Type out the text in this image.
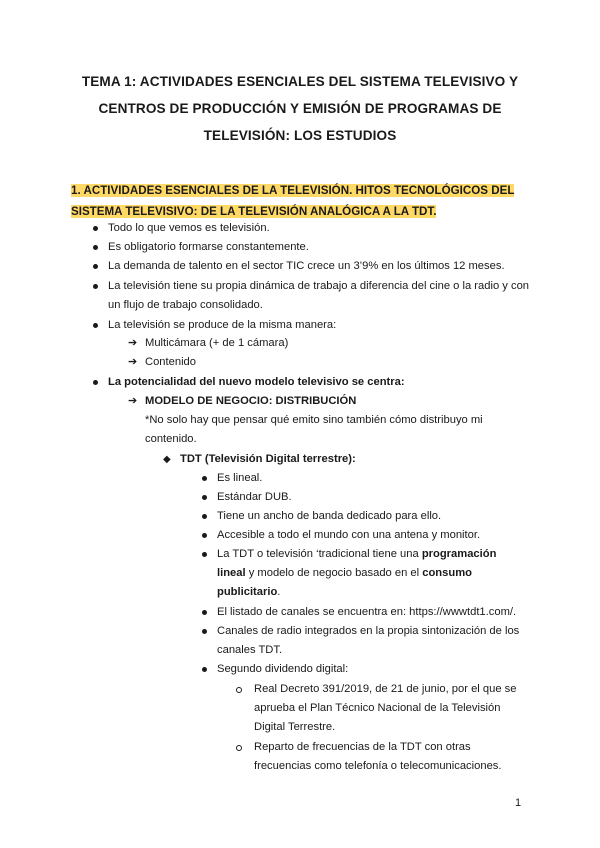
TEMA 1: ACTIVIDADES ESENCIALES DEL SISTEMA TELEVISIVO Y
CENTROS DE PRODUCCIÓN Y EMISIÓN DE PROGRAMAS DE
TELEVISIÓN: LOS ESTUDIOS
1. ACTIVIDADES ESENCIALES DE LA TELEVISIÓN. HITOS TECNOLÓGICOS DEL
SISTEMA TELEVISIVO: DE LA TELEVISIÓN ANALÓGICA A LA TDT.
Todo lo que vemos es televisión.
Es obligatorio formarse constantemente.
La demanda de talento en el sector TIC crece un 3’9% en los últimos 12 meses.
La televisión tiene su propia dinámica de trabajo a diferencia del cine o la radio y con
un flujo de trabajo consolidado.
La televisión se produce de la misma manera:
➔ Multicámara (+ de 1 cámara)
➔ Contenido
La potencialidad del nuevo modelo televisivo se centra:
➔ MODELO DE NEGOCIO: DISTRIBUCIÓN
*No solo hay que pensar qué emito sino también cómo distribuyo mi
contenido.
◆ TDT (Televisión Digital terrestre):
Es lineal.
Estándar DUB.
Tiene un ancho de banda dedicado para ello.
Accesible a todo el mundo con una antena y monitor.
La TDT o televisión ‘tradicional tiene una programación
lineal y modelo de negocio basado en el consumo
publicitario.
El listado de canales se encuentra en: https://wwwtdt1.com/.
Canales de radio integrados en la propia sintonización de los
canales TDT.
Segundo dividendo digital:
Real Decreto 391/2019, de 21 de junio, por el que se
aprueba el Plan Técnico Nacional de la Televisión
Digital Terrestre.
Reparto de frecuencias de la TDT con otras
frecuencias como telefonía o telecomunicaciones.
1
